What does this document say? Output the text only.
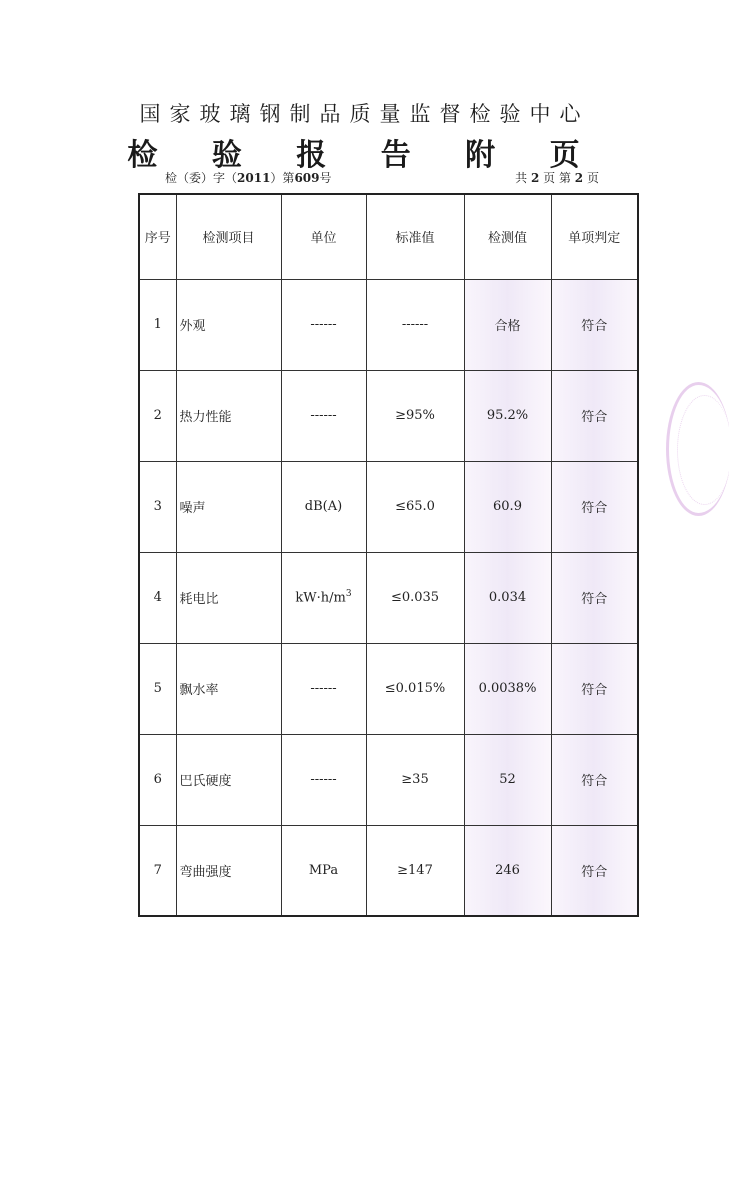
国家玻璃钢制品质量监督检验中心
检 验 报 告 附 页
检（委）字（2011）第609号	共 2 页 第 2 页
序号	检测项目	单位	标准值	检测值	单项判定
1	外观	------	------	合格	符合
2	热力性能	------	≥95%	95.2%	符合
3	噪声	dB(A)	≤65.0	60.9	符合
4	耗电比	$kW\cdot h/m^3$	≤0.035	0.034	符合
5	飘水率	------	≤0.015%	0.0038%	符合
6	巴氏硬度	------	≥35	52	符合
7	弯曲强度	MPa	≥147	246	符合
